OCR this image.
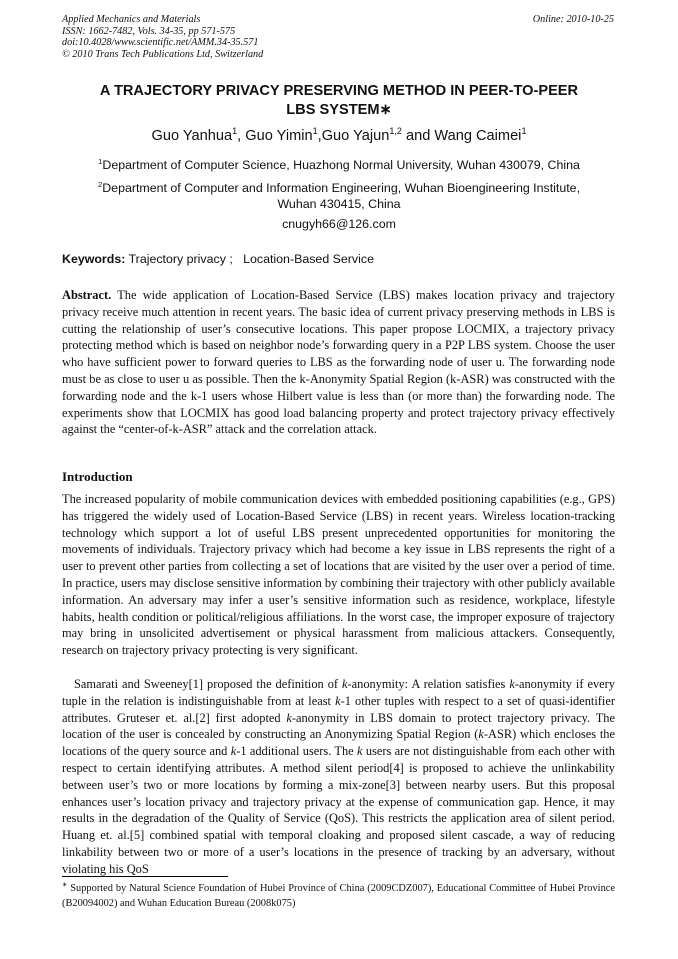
Applied Mechanics and Materials
ISSN: 1662-7482, Vols. 34-35, pp 571-575
doi:10.4028/www.scientific.net/AMM.34-35.571
© 2010 Trans Tech Publications Ltd, Switzerland
Online: 2010-10-25
A TRAJECTORY PRIVACY PRESERVING METHOD IN PEER-TO-PEER
LBS SYSTEM∗
Guo Yanhua$^1$, Guo Yimin$^1$,Guo Yajun$^{1,2}$ and Wang Caimei$^1$
$^1$Department of Computer Science, Huazhong Normal University, Wuhan 430079, China
$^2$Department of Computer and Information Engineering, Wuhan Bioengineering Institute,
Wuhan 430415, China
cnugyh66@126.com
Keywords: Trajectory privacy ;   Location-Based Service

Abstract. The wide application of Location-Based Service (LBS) makes location privacy and trajectory privacy receive much attention in recent years. The basic idea of current privacy preserving methods in LBS is cutting the relationship of user’s consecutive locations. This paper propose LOCMIX, a trajectory privacy protecting method which is based on neighbor node’s forwarding query in a P2P LBS system. Choose the user who have sufficient power to forward queries to LBS as the forwarding node of user u. The forwarding node must be as close to user u as possible. Then the k-Anonymity Spatial Region (k-ASR) was constructed with the forwarding node and the k-1 users whose Hilbert value is less than (or more than) the forwarding node. The experiments show that LOCMIX has good load balancing property and protect trajectory privacy effectively against the “center-of-k-ASR” attack and the correlation attack.

Introduction

The increased popularity of mobile communication devices with embedded positioning capabilities (e.g., GPS) has triggered the widely used of Location-Based Service (LBS) in recent years. Wireless location-tracking technology which support a lot of useful LBS present unprecedented opportunities for monitoring the movements of individuals. Trajectory privacy which had become a key issue in LBS represents the right of a user to prevent other parties from collecting a set of locations that are visited by the user over a period of time. In practice, users may disclose sensitive information by combining their trajectory with other publicly available information. An adversary may infer a user’s sensitive information such as residence, workplace, lifestyle habits, health condition or political/religious affiliations. In the worst case, the improper exposure of trajectory may bring in unsolicited advertisement or physical harassment from malicious attackers. Consequently, research on trajectory privacy protecting is very significant.

Samarati and Sweeney[1] proposed the definition of k-anonymity: A relation satisfies k-anonymity if every tuple in the relation is indistinguishable from at least k-1 other tuples with respect to a set of quasi-identifier attributes. Gruteser et. al.[2] first adopted k-anonymity in LBS domain to protect trajectory privacy. The location of the user is concealed by constructing an Anonymizing Spatial Region (k-ASR) which encloses the locations of the query source and k-1 additional users. The k users are not distinguishable from each other with respect to certain identifying attributes. A method silent period[4] is proposed to achieve the unlinkability between user’s two or more locations by forming a mix-zone[3] between nearby users. But this proposal enhances user’s location privacy and trajectory privacy at the expense of communication gap. Hence, it may results in the degradation of the Quality of Service (QoS). This restricts the application area of silent period. Huang et. al.[5] combined spatial with temporal cloaking and proposed silent cascade, a way of reducing linkability between two or more of a user’s locations in the presence of tracking by an adversary, without violating his QoS

∗ Supported by Natural Science Foundation of Hubei Province of China (2009CDZ007), Educational Committee of Hubei Province (B20094002) and Wuhan Education Bureau (2008k075)
